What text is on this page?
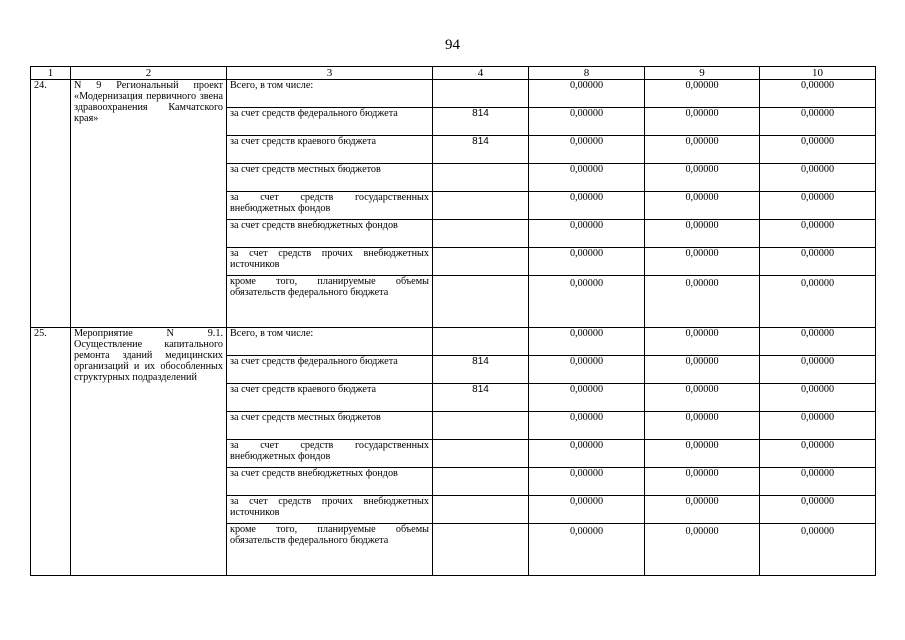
94
1	2	3	4	8	9	10
24.	N 9 Региональный проект «Модернизация первичного звена здравоохранения Камчатского края»	Всего, в том числе:		0,00000	0,00000	0,00000
		за счет средств федерального бюджета	814	0,00000	0,00000	0,00000
		за счет средств краевого бюджета	814	0,00000	0,00000	0,00000
		за счет средств местных бюджетов		0,00000	0,00000	0,00000
		за счет средств государственных внебюджетных фондов		0,00000	0,00000	0,00000
		за счет средств внебюджетных фондов		0,00000	0,00000	0,00000
		за счет средств прочих внебюджетных источников		0,00000	0,00000	0,00000
		кроме того, планируемые объемы обязательств федерального бюджета		0,00000	0,00000	0,00000
25.	Мероприятие N 9.1. Осуществление капитального ремонта зданий медицинских организаций и их обособленных структурных подразделений	Всего, в том числе:		0,00000	0,00000	0,00000
		за счет средств федерального бюджета	814	0,00000	0,00000	0,00000
		за счет средств краевого бюджета	814	0,00000	0,00000	0,00000
		за счет средств местных бюджетов		0,00000	0,00000	0,00000
		за счет средств государственных внебюджетных фондов		0,00000	0,00000	0,00000
		за счет средств внебюджетных фондов		0,00000	0,00000	0,00000
		за счет средств прочих внебюджетных источников		0,00000	0,00000	0,00000
		кроме того, планируемые объемы обязательств федерального бюджета		0,00000	0,00000	0,00000
